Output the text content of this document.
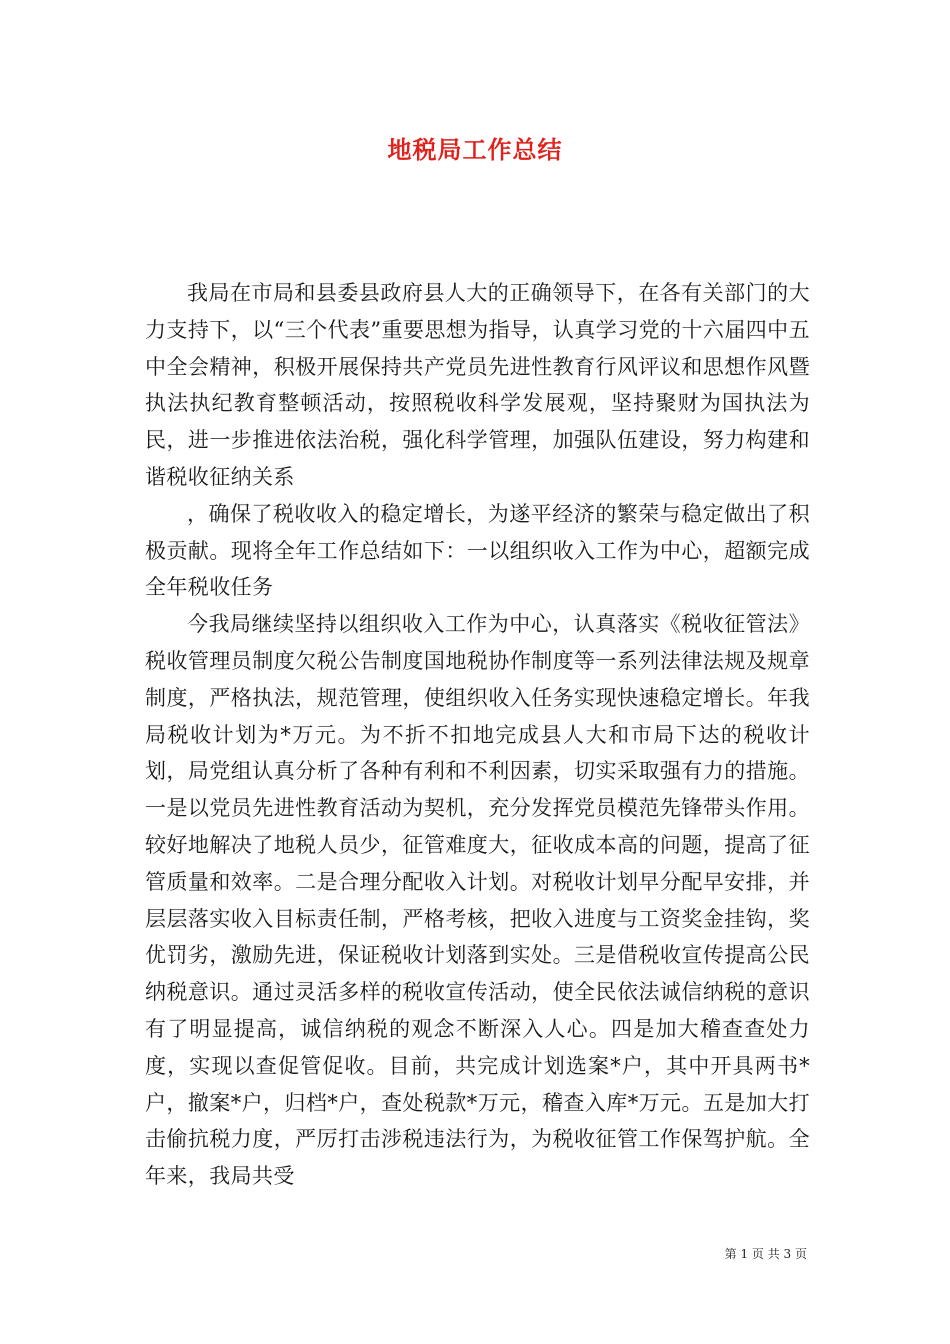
地税局工作总结

我局在市局和县委县政府县人大的正确领导下，在各有关部门的大力支持下，以“三个代表”重要思想为指导，认真学习党的十六届四中五中全会精神，积极开展保持共产党员先进性教育行风评议和思想作风暨执法执纪教育整顿活动，按照税收科学发展观，坚持聚财为国执法为民，进一步推进依法治税，强化科学管理，加强队伍建设，努力构建和谐税收征纳关系

，确保了税收收入的稳定增长，为遂平经济的繁荣与稳定做出了积极贡献。现将全年工作总结如下：一以组织收入工作为中心，超额完成全年税收任务

今我局继续坚持以组织收入工作为中心，认真落实《税收征管法》税收管理员制度欠税公告制度国地税协作制度等一系列法律法规及规章制度，严格执法，规范管理，使组织收入任务实现快速稳定增长。年我局税收计划为*万元。为不折不扣地完成县人大和市局下达的税收计划，局党组认真分析了各种有利和不利因素，切实采取强有力的措施。一是以党员先进性教育活动为契机，充分发挥党员模范先锋带头作用。较好地解决了地税人员少，征管难度大，征收成本高的问题，提高了征管质量和效率。二是合理分配收入计划。对税收计划早分配早安排，并层层落实收入目标责任制，严格考核，把收入进度与工资奖金挂钩，奖优罚劣，激励先进，保证税收计划落到实处。三是借税收宣传提高公民纳税意识。通过灵活多样的税收宣传活动，使全民依法诚信纳税的意识有了明显提高，诚信纳税的观念不断深入人心。四是加大稽查查处力度，实现以查促管促收。目前，共完成计划选案*户，其中开具两书*户，撤案*户，归档*户，查处税款*万元，稽查入库*万元。五是加大打击偷抗税力度，严厉打击涉税违法行为，为税收征管工作保驾护航。全年来，我局共受

第 1 页 共 3 页
